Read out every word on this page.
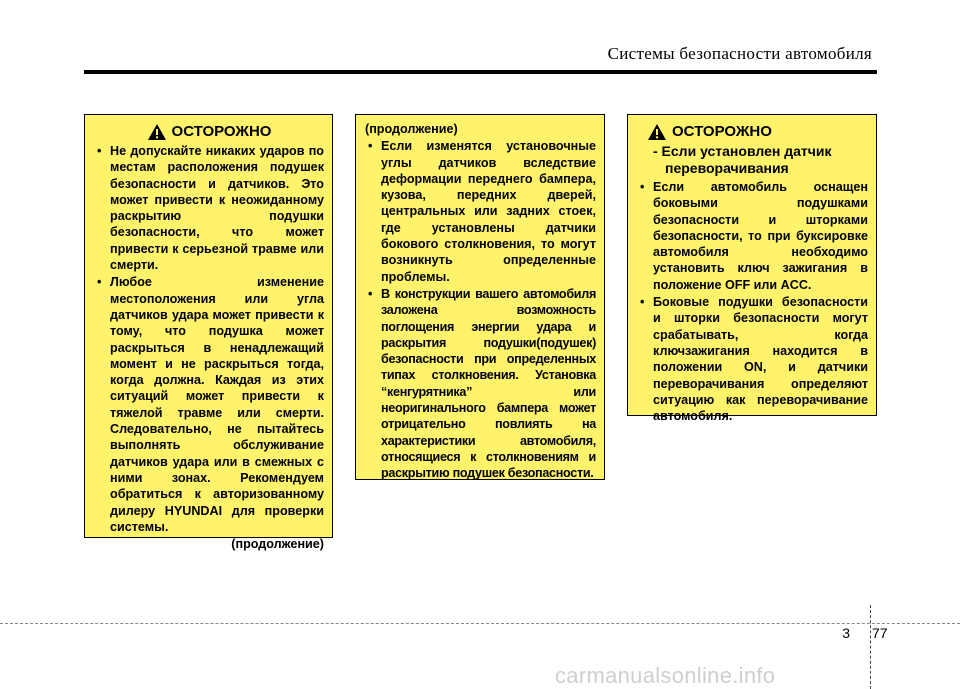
Системы безопасности автомобиля
ОСТОРОЖНО
• Не допускайте никаких ударов по местам расположения подушек безопасности и датчиков. Это может привести к неожиданному раскрытию подушки безопасности, что может привести к серьезной травме или смерти.
• Любое изменение местоположения или угла датчиков удара может привести к тому, что подушка может раскрыться в ненадлежащий момент и не раскрыться тогда, когда должна. Каждая из этих ситуаций может привести к тяжелой травме или смерти. Следовательно, не пытайтесь выполнять обслуживание датчиков удара или в смежных с ними зонах. Рекомендуем обратиться к авторизованному дилеру HYUNDAI для проверки системы.
(продолжение)
(продолжение)
• Если изменятся установочные углы датчиков вследствие деформации переднего бампера, кузова, передних дверей, центральных или задних стоек, где установлены датчики бокового столкновения, то могут возникнуть определенные проблемы.
• В конструкции вашего автомобиля заложена возможность поглощения энергии удара и раскрытия подушки(подушек) безопасности при определенных типах столкновения. Установка “кенгурятника” или неоригинального бампера может отрицательно повлиять на характеристики автомобиля, относящиеся к столкновениям и раскрытию подушек безопасности.
ОСТОРОЖНО
- Если установлен датчик переворачивания
• Если автомобиль оснащен боковыми подушками безопасности и шторками безопасности, то при буксировке автомобиля необходимо установить ключ зажигания в положение OFF или ACC.
• Боковые подушки безопасности и шторки безопасности могут срабатывать, когда ключзажигания находится в положении ON, и датчики переворачивания определяют ситуацию как переворачивание автомобиля.
3 77
carmanualsonline.info
